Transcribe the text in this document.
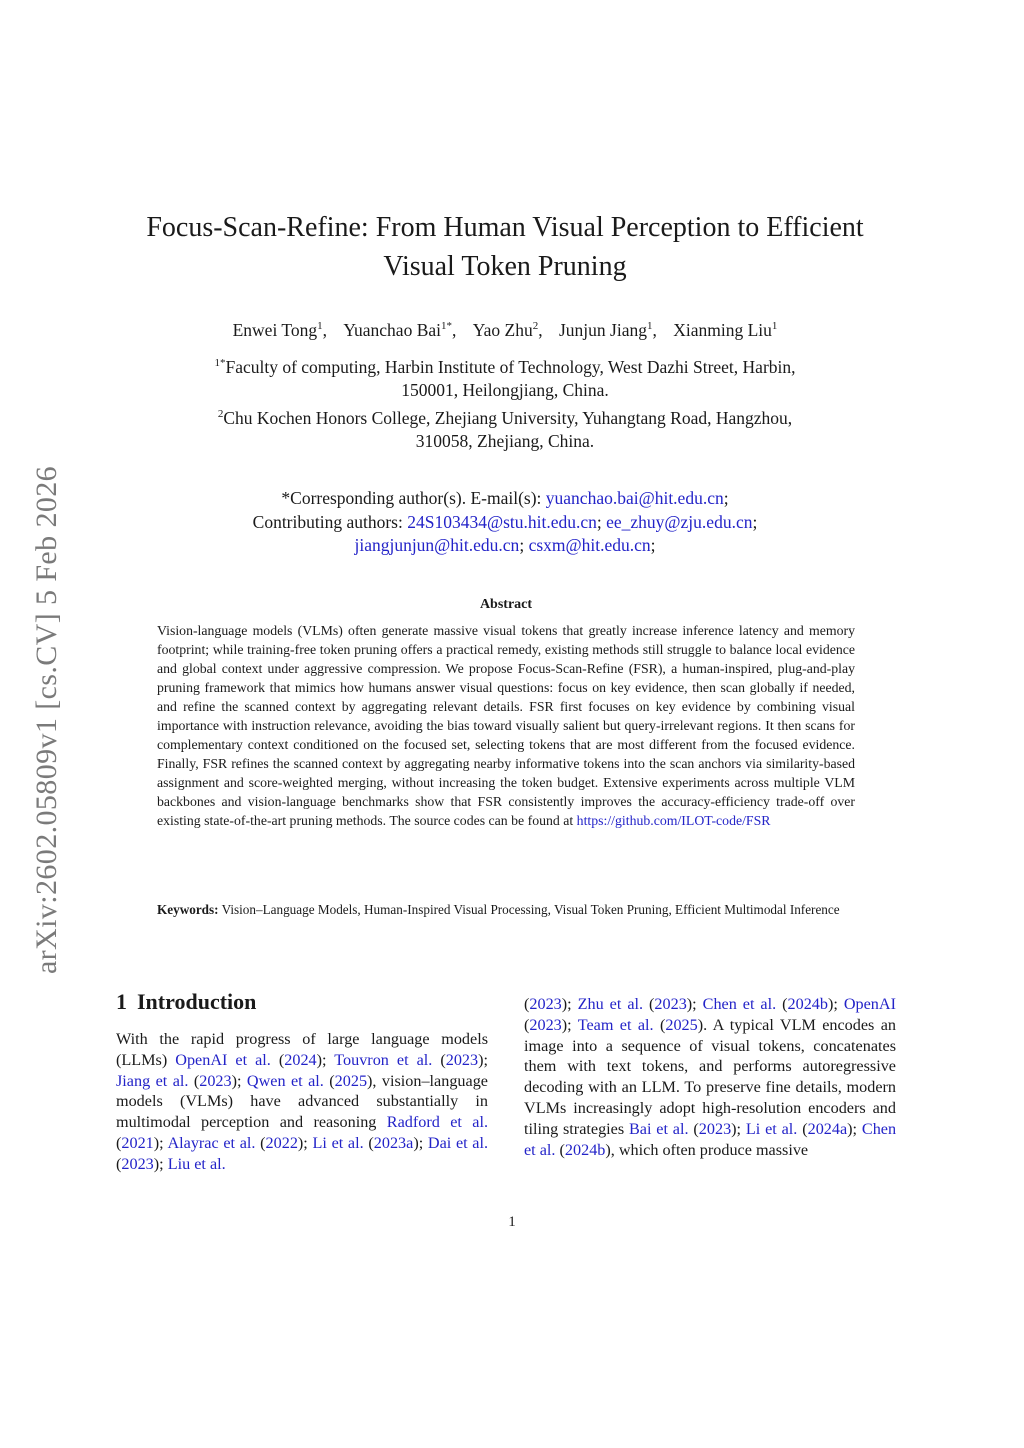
arXiv:2602.05809v1 [cs.CV] 5 Feb 2026
Focus-Scan-Refine: From Human Visual Perception to Efficient
Visual Token Pruning
Enwei Tong$^1$, Yuanchao Bai$^{1*}$, Yao Zhu$^2$, Junjun Jiang$^1$, Xianming Liu$^1$

$^{1*}$Faculty of computing, Harbin Institute of Technology, West Dazhi Street, Harbin,

150001, Heilongjiang, China.

$^2$Chu Kochen Honors College, Zhejiang University, Yuhangtang Road, Hangzhou,

310058, Zhejiang, China.

*Corresponding author(s). E-mail(s): yuanchao.bai@hit.edu.cn;

Contributing authors: 24S103434@stu.hit.edu.cn; ee_zhuy@zju.edu.cn;

jiangjunjun@hit.edu.cn; csxm@hit.edu.cn;

Abstract

Vision-language models (VLMs) often generate massive visual tokens that greatly increase inference latency and memory footprint; while training-free token pruning offers a practical remedy, existing methods still struggle to balance local evidence and global context under aggressive compression. We propose Focus-Scan-Refine (FSR), a human-inspired, plug-and-play pruning framework that mimics how humans answer visual questions: focus on key evidence, then scan globally if needed, and refine the scanned context by aggregating relevant details. FSR first focuses on key evidence by combining visual importance with instruction relevance, avoiding the bias toward visually salient but query-irrelevant regions. It then scans for complementary context conditioned on the focused set, selecting tokens that are most different from the focused evidence. Finally, FSR refines the scanned context by aggregating nearby informative tokens into the scan anchors via similarity-based assignment and score-weighted merging, without increasing the token budget. Extensive experiments across multiple VLM backbones and vision-language benchmarks show that FSR consistently improves the accuracy-efficiency trade-off over existing state-of-the-art pruning methods. The source codes can be found at https://github.com/ILOT-code/FSR

Keywords: Vision–Language Models, Human-Inspired Visual Processing, Visual Token Pruning, Efficient Multimodal Inference

1 Introduction

With the rapid progress of large language models (LLMs) OpenAI et al. (2024); Touvron et al. (2023); Jiang et al. (2023); Qwen et al. (2025), vision–language models (VLMs) have advanced substantially in multimodal perception and reasoning Radford et al. (2021); Alayrac et al. (2022); Li et al. (2023a); Dai et al. (2023); Liu et al.

(2023); Zhu et al. (2023); Chen et al. (2024b); OpenAI (2023); Team et al. (2025). A typical VLM encodes an image into a sequence of visual tokens, concatenates them with text tokens, and performs autoregressive decoding with an LLM. To preserve fine details, modern VLMs increasingly adopt high-resolution encoders and tiling strategies Bai et al. (2023); Li et al. (2024a); Chen et al. (2024b), which often produce massive

1
